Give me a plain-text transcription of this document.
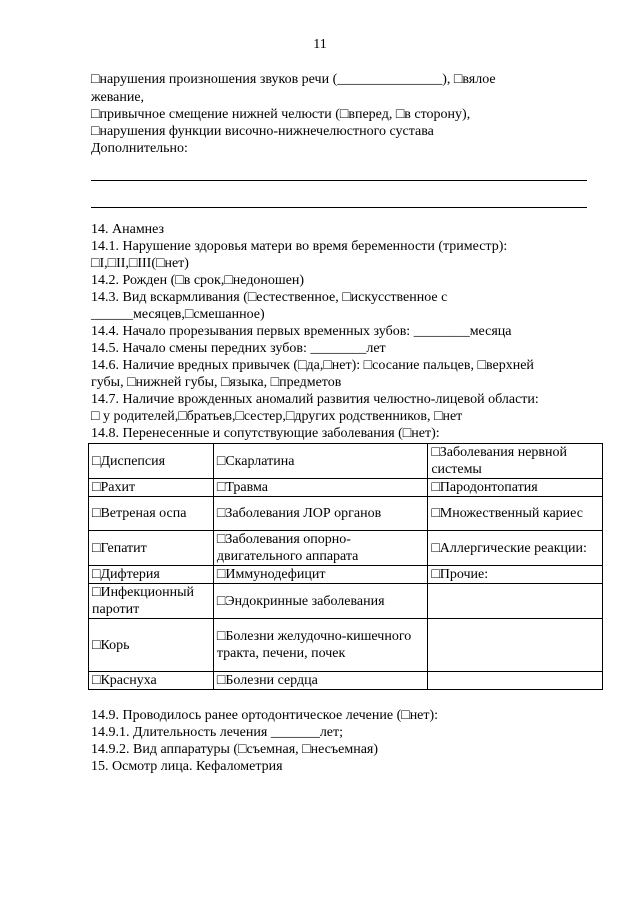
11
□нарушения произношения звуков речи (_______________), □вялое
жевание,
□привычное смещение нижней челюсти (□вперед, □в сторону),
□нарушения функции височно-нижнечелюстного сустава
Дополнительно:
14. Анамнез
14.1. Нарушение здоровья матери во время беременности (триместр):
□I,□II,□III(□нет)
14.2. Рожден (□в срок,□недоношен)
14.3. Вид вскармливания (□естественное, □искусственное с
______месяцев,□смешанное)
14.4. Начало прорезывания первых временных зубов: ________месяца
14.5. Начало смены передних зубов: ________лет
14.6. Наличие вредных привычек (□да,□нет): □сосание пальцев, □верхней
губы, □нижней губы, □языка, □предметов
14.7. Наличие врожденных аномалий развития челюстно-лицевой области:
□ у родителей,□братьев,□сестер,□других родственников, □нет
14.8. Перенесенные и сопутствующие заболевания (□нет):
□Диспепсия	□Скарлатина	□Заболевания нервной системы
□Рахит	□Травма	□Пародонтопатия
□Ветреная оспа	□Заболевания ЛОР органов	□Множественный кариес
□Гепатит	□Заболевания опорно-двигательного аппарата	□Аллергические реакции:
□Дифтерия	□Иммунодефицит	□Прочие:
□Инфекционный паротит	□Эндокринные заболевания	
□Корь	□Болезни желудочно-кишечного тракта, печени, почек	
□Краснуха	□Болезни сердца	
14.9. Проводилось ранее ортодонтическое лечение (□нет):
14.9.1. Длительность лечения _______лет;
14.9.2. Вид аппаратуры (□съемная, □несъемная)
15. Осмотр лица. Кефалометрия
